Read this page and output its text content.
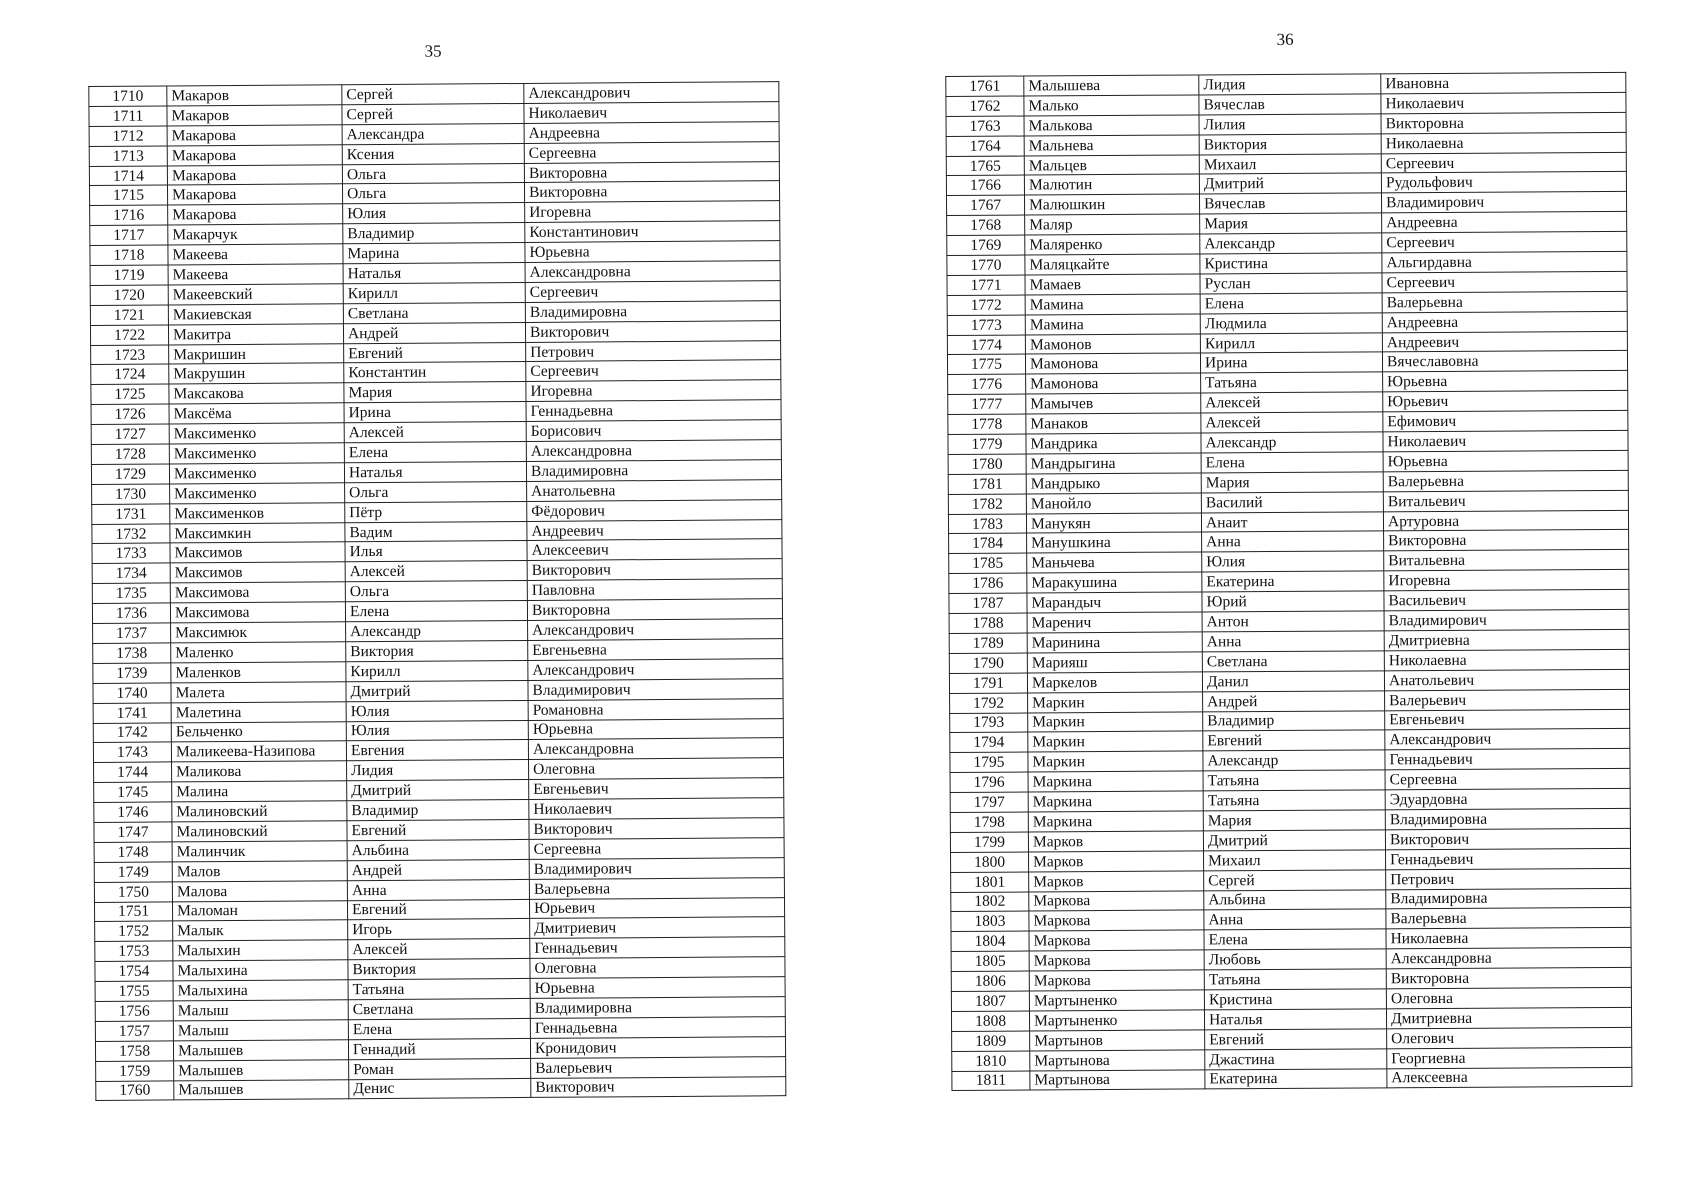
35
1710	Макаров	Сергей	Александрович
1711	Макаров	Сергей	Николаевич
1712	Макарова	Александра	Андреевна
1713	Макарова	Ксения	Сергеевна
1714	Макарова	Ольга	Викторовна
1715	Макарова	Ольга	Викторовна
1716	Макарова	Юлия	Игоревна
1717	Макарчук	Владимир	Константинович
1718	Макеева	Марина	Юрьевна
1719	Макеева	Наталья	Александровна
1720	Макеевский	Кирилл	Сергеевич
1721	Макиевская	Светлана	Владимировна
1722	Макитра	Андрей	Викторович
1723	Макришин	Евгений	Петрович
1724	Макрушин	Константин	Сергеевич
1725	Максакова	Мария	Игоревна
1726	Максёма	Ирина	Геннадьевна
1727	Максименко	Алексей	Борисович
1728	Максименко	Елена	Александровна
1729	Максименко	Наталья	Владимировна
1730	Максименко	Ольга	Анатольевна
1731	Максименков	Пётр	Фёдорович
1732	Максимкин	Вадим	Андреевич
1733	Максимов	Илья	Алексеевич
1734	Максимов	Алексей	Викторович
1735	Максимова	Ольга	Павловна
1736	Максимова	Елена	Викторовна
1737	Максимюк	Александр	Александрович
1738	Маленко	Виктория	Евгеньевна
1739	Маленков	Кирилл	Александрович
1740	Малета	Дмитрий	Владимирович
1741	Малетина	Юлия	Романовна
1742	Бельченко	Юлия	Юрьевна
1743	Маликеева-Назипова	Евгения	Александровна
1744	Маликова	Лидия	Олеговна
1745	Малина	Дмитрий	Евгеньевич
1746	Малиновский	Владимир	Николаевич
1747	Малиновский	Евгений	Викторович
1748	Малинчик	Альбина	Сергеевна
1749	Малов	Андрей	Владимирович
1750	Малова	Анна	Валерьевна
1751	Маломан	Евгений	Юрьевич
1752	Малык	Игорь	Дмитриевич
1753	Малыхин	Алексей	Геннадьевич
1754	Малыхина	Виктория	Олеговна
1755	Малыхина	Татьяна	Юрьевна
1756	Малыш	Светлана	Владимировна
1757	Малыш	Елена	Геннадьевна
1758	Малышев	Геннадий	Кронидович
1759	Малышев	Роман	Валерьевич
1760	Малышев	Денис	Викторович
36
1761	Малышева	Лидия	Ивановна
1762	Малько	Вячеслав	Николаевич
1763	Малькова	Лилия	Викторовна
1764	Мальнева	Виктория	Николаевна
1765	Мальцев	Михаил	Сергеевич
1766	Малютин	Дмитрий	Рудольфович
1767	Малюшкин	Вячеслав	Владимирович
1768	Маляр	Мария	Андреевна
1769	Маляренко	Александр	Сергеевич
1770	Маляцкайте	Кристина	Альгирдавна
1771	Мамаев	Руслан	Сергеевич
1772	Мамина	Елена	Валерьевна
1773	Мамина	Людмила	Андреевна
1774	Мамонов	Кирилл	Андреевич
1775	Мамонова	Ирина	Вячеславовна
1776	Мамонова	Татьяна	Юрьевна
1777	Мамычев	Алексей	Юрьевич
1778	Манаков	Алексей	Ефимович
1779	Мандрика	Александр	Николаевич
1780	Мандрыгина	Елена	Юрьевна
1781	Мандрыко	Мария	Валерьевна
1782	Манойло	Василий	Витальевич
1783	Манукян	Анаит	Артуровна
1784	Манушкина	Анна	Викторовна
1785	Маньчева	Юлия	Витальевна
1786	Маракушина	Екатерина	Игоревна
1787	Марандыч	Юрий	Васильевич
1788	Маренич	Антон	Владимирович
1789	Маринина	Анна	Дмитриевна
1790	Марияш	Светлана	Николаевна
1791	Маркелов	Данил	Анатольевич
1792	Маркин	Андрей	Валерьевич
1793	Маркин	Владимир	Евгеньевич
1794	Маркин	Евгений	Александрович
1795	Маркин	Александр	Геннадьевич
1796	Маркина	Татьяна	Сергеевна
1797	Маркина	Татьяна	Эдуардовна
1798	Маркина	Мария	Владимировна
1799	Марков	Дмитрий	Викторович
1800	Марков	Михаил	Геннадьевич
1801	Марков	Сергей	Петрович
1802	Маркова	Альбина	Владимировна
1803	Маркова	Анна	Валерьевна
1804	Маркова	Елена	Николаевна
1805	Маркова	Любовь	Александровна
1806	Маркова	Татьяна	Викторовна
1807	Мартыненко	Кристина	Олеговна
1808	Мартыненко	Наталья	Дмитриевна
1809	Мартынов	Евгений	Олегович
1810	Мартынова	Джастина	Георгиевна
1811	Мартынова	Екатерина	Алексеевна
